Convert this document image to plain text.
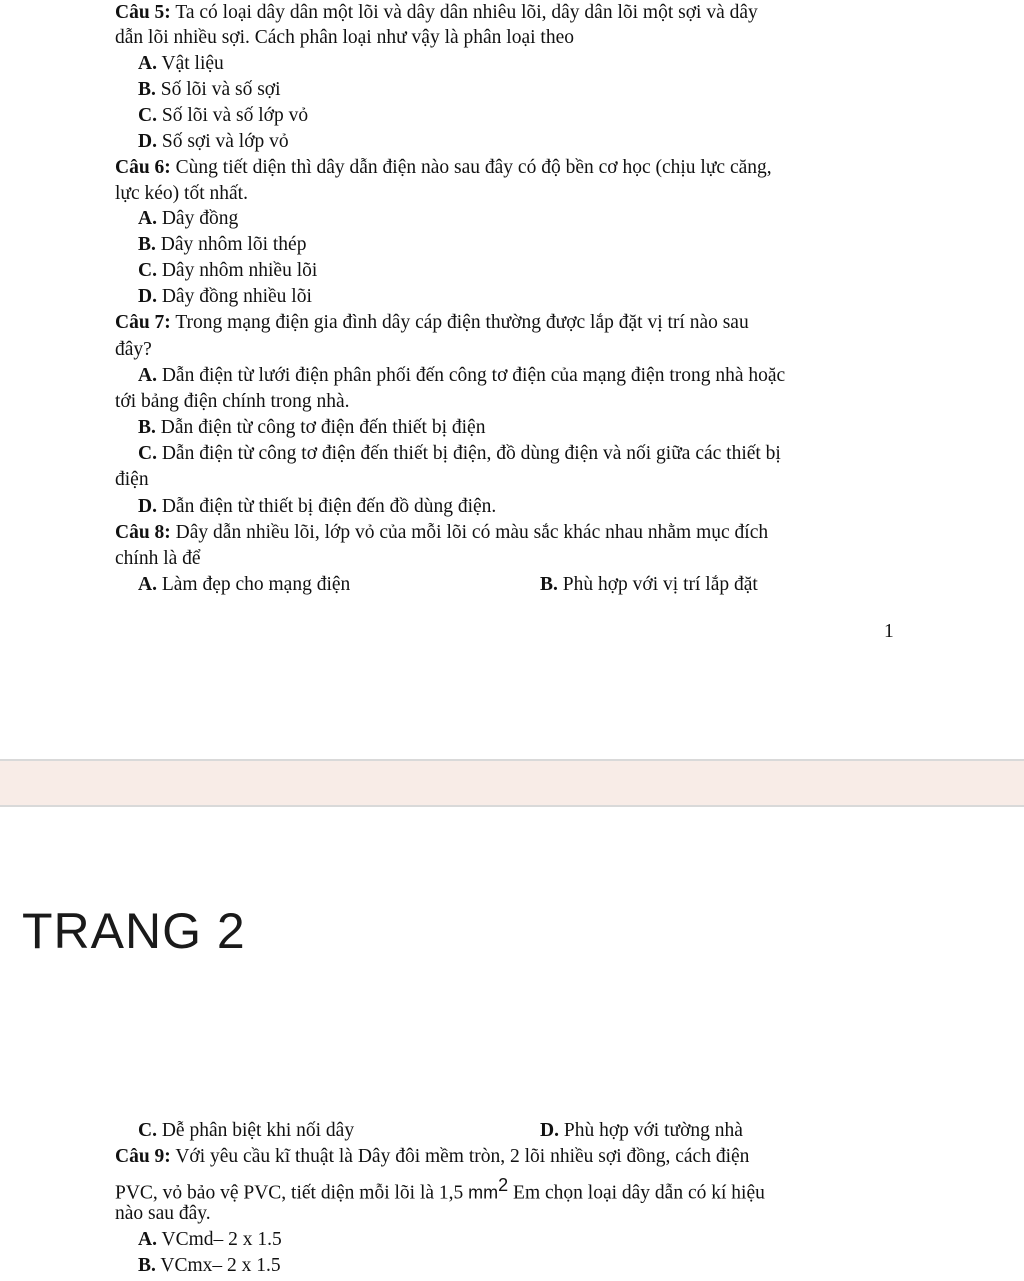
Câu 5: Ta có loại dây dân một lõi và dây dân nhiêu lõi, dây dân lõi một sợi và dây
dẫn lõi nhiều sợi. Cách phân loại như vậy là phân loại theo
A. Vật liệu
B. Số lõi và số sợi
C. Số lõi và số lớp vỏ
D. Số sợi và lớp vỏ
Câu 6: Cùng tiết diện thì dây dẫn điện nào sau đây có độ bền cơ học (chịu lực căng,
lực kéo) tốt nhất.
A. Dây đồng
B. Dây nhôm lõi thép
C. Dây nhôm nhiều lõi
D. Dây đồng nhiều lõi
Câu 7: Trong mạng điện gia đình dây cáp điện thường được lắp đặt vị trí nào sau
đây?
A. Dẫn điện từ lưới điện phân phối đến công tơ điện của mạng điện trong nhà hoặc
tới bảng điện chính trong nhà.
B. Dẫn điện từ công tơ điện đến thiết bị điện
C. Dẫn điện từ công tơ điện đến thiết bị điện, đồ dùng điện và nối giữa các thiết bị
điện
D. Dẫn điện từ thiết bị điện đến đồ dùng điện.
Câu 8: Dây dẫn nhiều lõi, lớp vỏ của mỗi lõi có màu sắc khác nhau nhằm mục đích
chính là để
A. Làm đẹp cho mạng điện	B. Phù hợp với vị trí lắp đặt
1
TRANG 2
C. Dễ phân biệt khi nối dây	D. Phù hợp với tường nhà
Câu 9: Với yêu cầu kĩ thuật là Dây đôi mềm tròn, 2 lõi nhiều sợi đồng, cách điện
PVC, vỏ bảo vệ PVC, tiết diện mỗi lõi là 1,5 $mm^2$ Em chọn loại dây dẫn có kí hiệu
nào sau đây.
A. VCmd– 2 x 1.5
B. VCmx– 2 x 1.5
